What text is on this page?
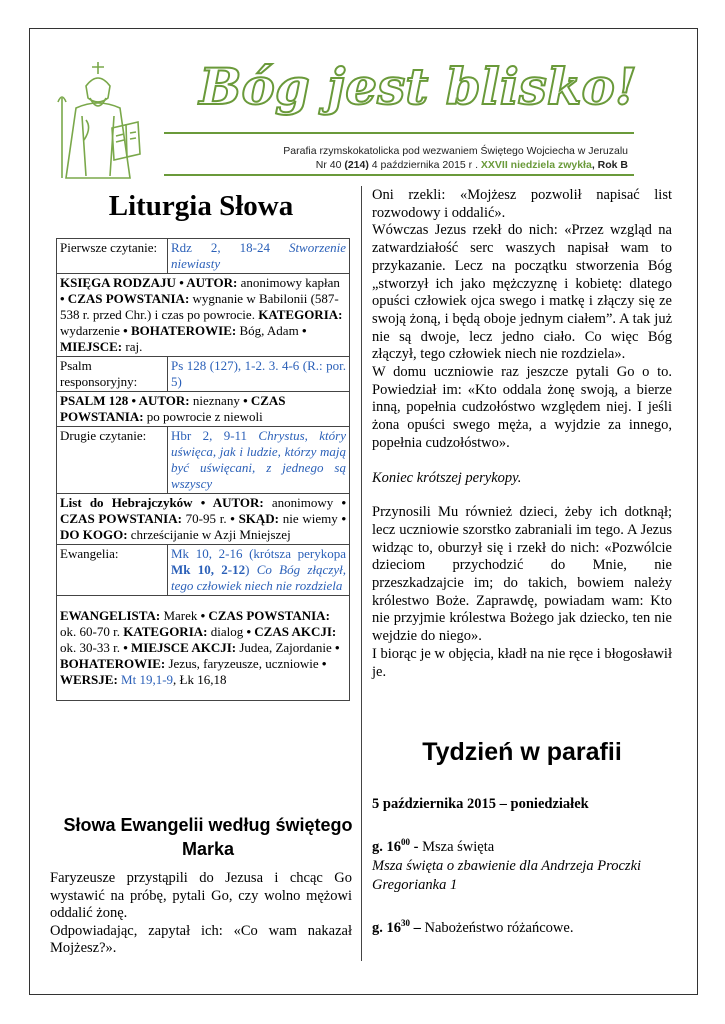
Bóg jest blisko!
Parafia rzymskokatolicka pod wezwaniem Świętego Wojciecha w Jeruzalu
Nr 40 (214) 4 października 2015 r . XXVII niedziela zwykła, Rok B
Liturgia Słowa
Pierwsze czytanie:	Rdz 2, 18-24 Stworzenie niewiasty
KSIĘGA RODZAJU • AUTOR: anonimowy kapłan • CZAS POWSTANIA: wygnanie w Babilonii (587-538 r. przed Chr.) i czas po powrocie. KATEGORIA: wydarzenie • BOHATEROWIE: Bóg, Adam • MIEJSCE: raj.	
Psalm responsoryjny:	Ps 128 (127), 1-2. 3. 4-6 (R.: por. 5)
PSALM 128 • AUTOR: nieznany • CZAS POWSTANIA: po powrocie z niewoli	
Drugie czytanie:	Hbr 2, 9-11 Chrystus, który uświęca, jak i ludzie, którzy mają być uświęcani, z jednego są wszyscy
List do Hebrajczyków • AUTOR: anonimowy • CZAS POWSTANIA: 70-95 r. • SKĄD: nie wiemy • DO KOGO: chrześcijanie w Azji Mniejszej	
Ewangelia:	Mk 10, 2-16 (krótsza perykopa Mk 10, 2-12) Co Bóg złączył, tego człowiek niech nie rozdziela
EWANGELISTA: Marek • CZAS POWSTANIA: ok. 60-70 r. KATEGORIA: dialog • CZAS AKCJI: ok. 30-33 r. • MIEJSCE AKCJI: Judea, Zajordanie • BOHATEROWIE: Jezus, faryzeusze, uczniowie • WERSJE: Mt 19,1-9, Łk 16,18	
Słowa Ewangelii według świętego Marka

Faryzeusze przystąpili do Jezusa i chcąc Go wystawić na próbę, pytali Go, czy wolno mężowi oddalić żonę.

Odpowiadając, zapytał ich: «Co wam nakazał Mojżesz?».

Oni rzekli: «Mojżesz pozwolił napisać list rozwodowy i oddalić».

Wówczas Jezus rzekł do nich: «Przez wzgląd na zatwardziałość serc waszych napisał wam to przykazanie. Lecz na początku stworzenia Bóg „stworzył ich jako mężczyznę i kobietę: dlatego opuści człowiek ojca swego i matkę i złączy się ze swoją żoną, i będą oboje jednym ciałem”. A tak już nie są dwoje, lecz jedno ciało. Co więc Bóg złączył, tego człowiek niech nie rozdziela».

W domu uczniowie raz jeszcze pytali Go o to. Powiedział im: «Kto oddala żonę swoją, a bierze inną, popełnia cudzołóstwo względem niej. I jeśli żona opuści swego męża, a wyjdzie za innego, popełnia cudzołóstwo».

Koniec krótszej perykopy.

Przynosili Mu również dzieci, żeby ich dotknął; lecz uczniowie szorstko zabraniali im tego. A Jezus widząc to, oburzył się i rzekł do nich: «Pozwólcie dzieciom przychodzić do Mnie, nie przeszkadzajcie im; do takich, bowiem należy królestwo Boże. Zaprawdę, powiadam wam: Kto nie przyjmie królestwa Bożego jak dziecko, ten nie wejdzie do niego».

I biorąc je w objęcia, kładł na nie ręce i błogosławił je.

Tydzień w parafii

5 października 2015 – poniedziałek

g. $16^{00}$ - Msza święta

Msza święta o zbawienie dla Andrzeja Proczki

Gregorianka 1

g. $16^{30}$ – Nabożeństwo różańcowe.
